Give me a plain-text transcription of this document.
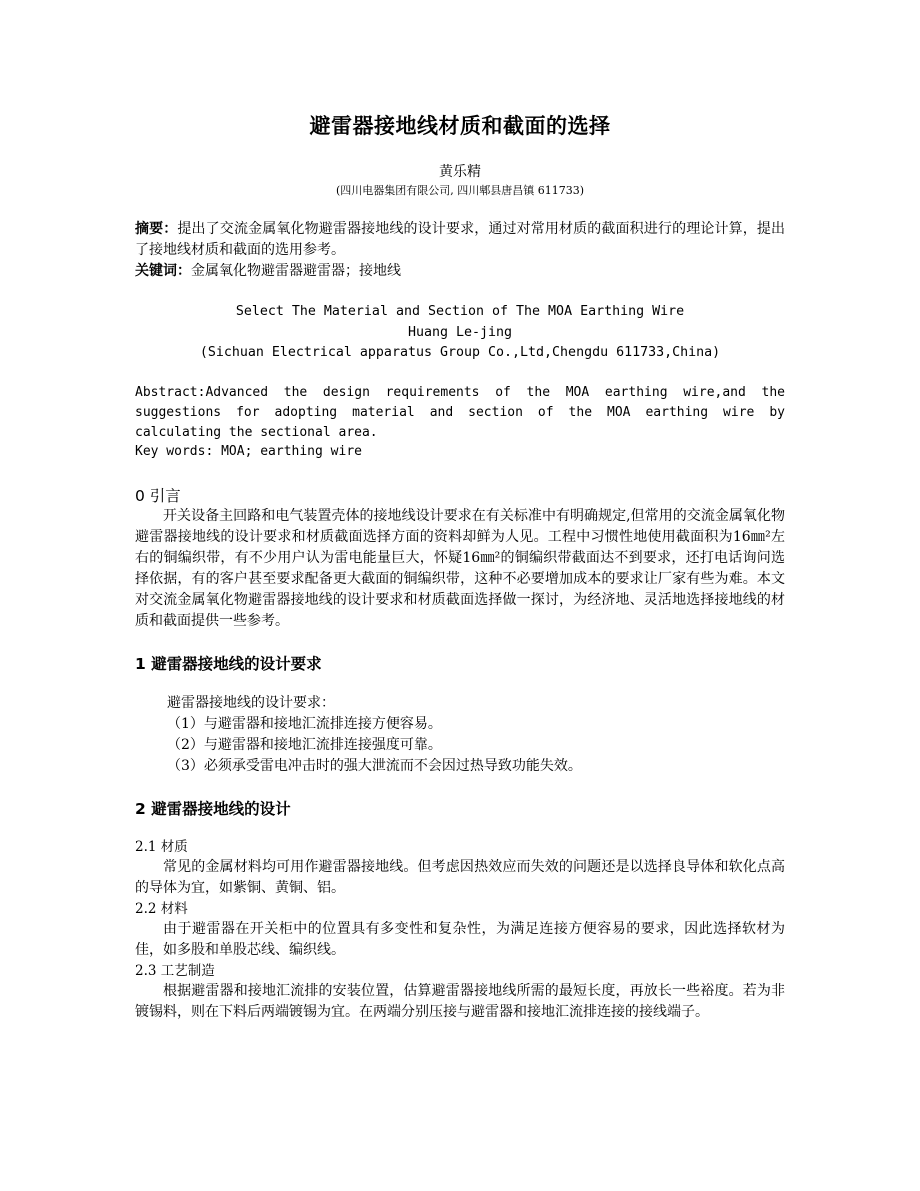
避雷器接地线材质和截面的选择
黄乐精
(四川电器集团有限公司, 四川郫县唐昌镇 611733)
摘要：提出了交流金属氧化物避雷器接地线的设计要求，通过对常用材质的截面积进行的理论计算，提出了接地线材质和截面的选用参考。
关键词：金属氧化物避雷器避雷器；接地线
Select The Material and Section of The MOA Earthing Wire
Huang Le-jing
(Sichuan Electrical apparatus Group Co.,Ltd,Chengdu 611733,China)
Abstract:Advanced the design requirements of the MOA earthing wire,and the suggestions for adopting material and section of the MOA earthing wire by calculating the sectional area.
Key words: MOA; earthing wire
0 引言
开关设备主回路和电气装置壳体的接地线设计要求在有关标准中有明确规定,但常用的交流金属氧化物避雷器接地线的设计要求和材质截面选择方面的资料却鲜为人见。工程中习惯性地使用截面积为16㎜²左右的铜编织带，有不少用户认为雷电能量巨大，怀疑16㎜²的铜编织带截面达不到要求，还打电话询问选择依据，有的客户甚至要求配备更大截面的铜编织带，这种不必要增加成本的要求让厂家有些为难。本文对交流金属氧化物避雷器接地线的设计要求和材质截面选择做一探讨，为经济地、灵活地选择接地线的材质和截面提供一些参考。
1 避雷器接地线的设计要求
避雷器接地线的设计要求：
（1）与避雷器和接地汇流排连接方便容易。
（2）与避雷器和接地汇流排连接强度可靠。
（3）必须承受雷电冲击时的强大泄流而不会因过热导致功能失效。
2 避雷器接地线的设计
2.1 材质
常见的金属材料均可用作避雷器接地线。但考虑因热效应而失效的问题还是以选择良导体和软化点高的导体为宜，如紫铜、黄铜、铝。
2.2 材料
由于避雷器在开关柜中的位置具有多变性和复杂性，为满足连接方便容易的要求，因此选择软材为佳，如多股和单股芯线、编织线。
2.3 工艺制造
根据避雷器和接地汇流排的安装位置，估算避雷器接地线所需的最短长度，再放长一些裕度。若为非镀锡料，则在下料后两端镀锡为宜。在两端分别压接与避雷器和接地汇流排连接的接线端子。
